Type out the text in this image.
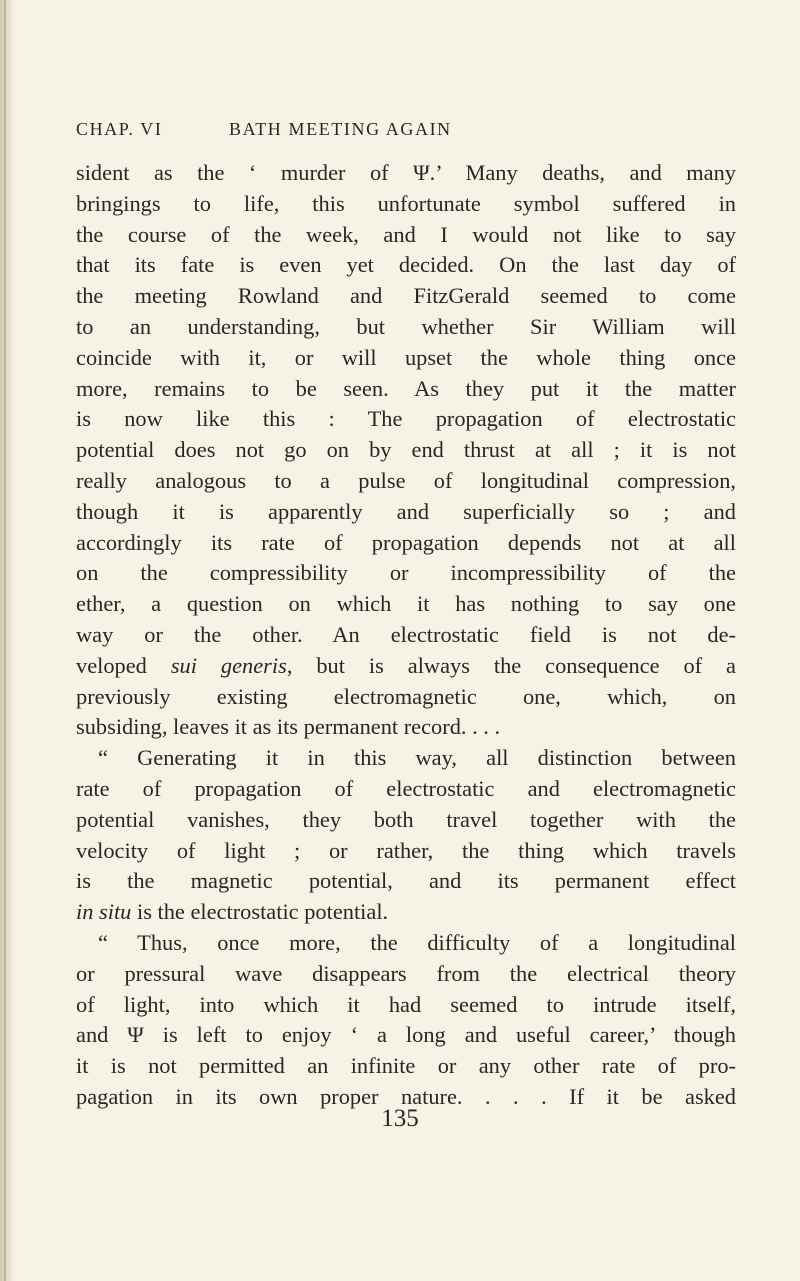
CHAP. VI	BATH MEETING AGAIN
sident as the ‘ murder of Ψ.’ Many deaths, and many
bringings to life, this unfortunate symbol suffered in
the course of the week, and I would not like to say
that its fate is even yet decided. On the last day of
the meeting Rowland and FitzGerald seemed to come
to an understanding, but whether Sir William will
coincide with it, or will upset the whole thing once
more, remains to be seen. As they put it the matter
is now like this : The propagation of electrostatic
potential does not go on by end thrust at all ; it is not
really analogous to a pulse of longitudinal compression,
though it is apparently and superficially so ; and
accordingly its rate of propagation depends not at all
on the compressibility or incompressibility of the
ether, a question on which it has nothing to say one
way or the other. An electrostatic field is not de-
veloped sui generis, but is always the consequence of a
previously existing electromagnetic one, which, on
subsiding, leaves it as its permanent record. . . .
“ Generating it in this way, all distinction between
rate of propagation of electrostatic and electromagnetic
potential vanishes, they both travel together with the
velocity of light ; or rather, the thing which travels
is the magnetic potential, and its permanent effect
in situ is the electrostatic potential.
“ Thus, once more, the difficulty of a longitudinal
or pressural wave disappears from the electrical theory
of light, into which it had seemed to intrude itself,
and Ψ is left to enjoy ‘ a long and useful career,’ though
it is not permitted an infinite or any other rate of pro-
pagation in its own proper nature. . . . If it be asked
135
